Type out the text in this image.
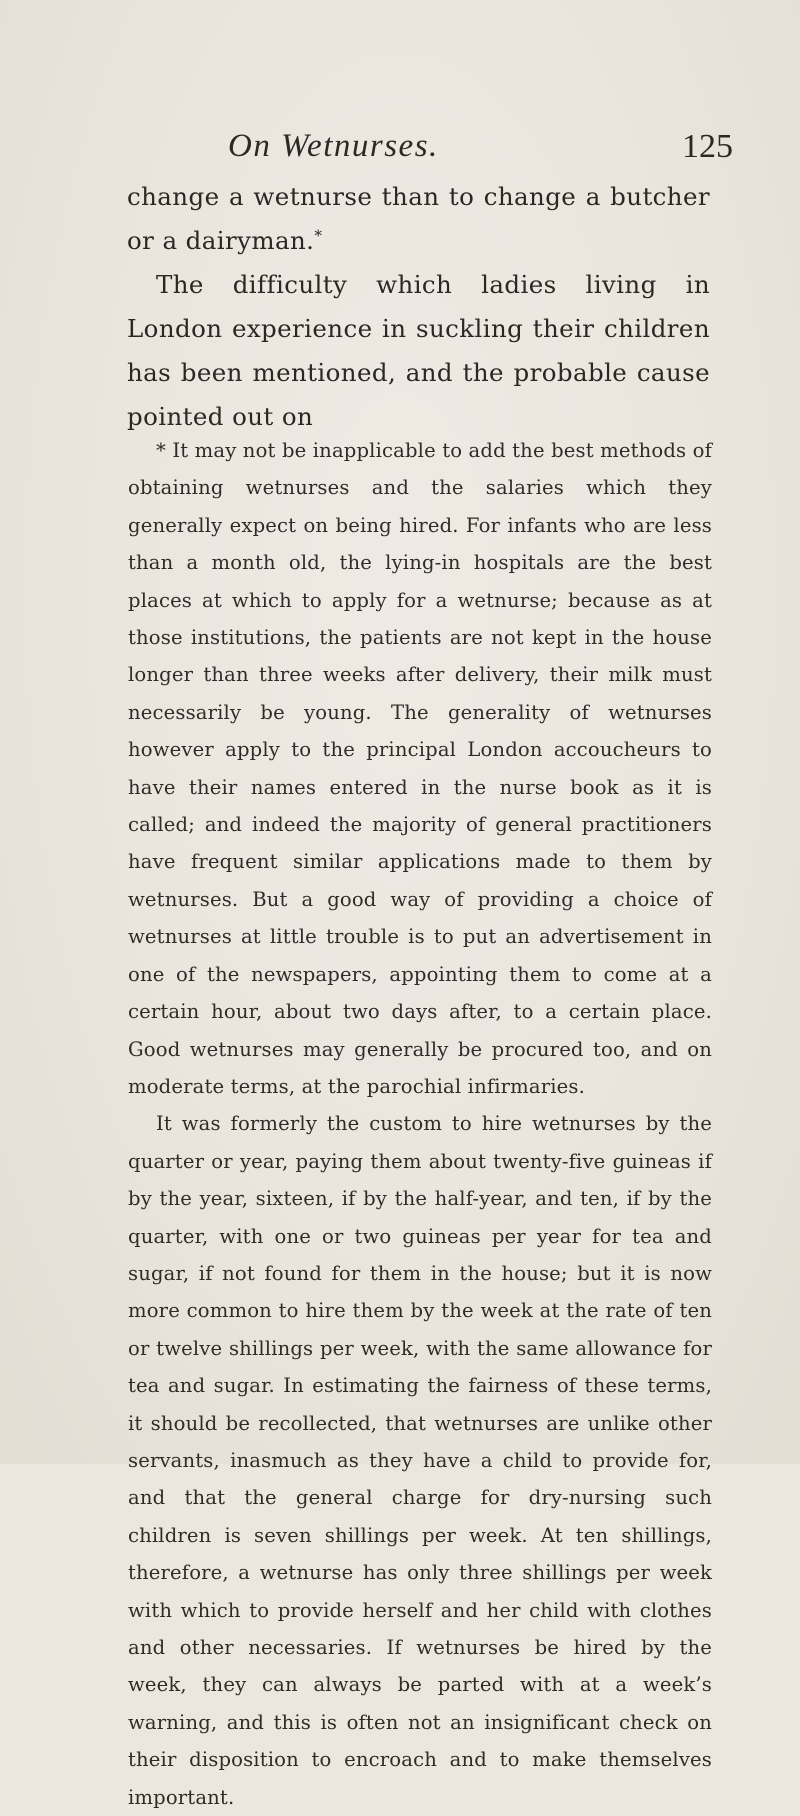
On Wetnurses.	125

change a wetnurse than to change a butcher or a dairyman.*

The difficulty which ladies living in London experience in suckling their children has been mentioned, and the probable cause pointed out on

* It may not be inapplicable to add the best methods of obtaining wetnurses and the salaries which they generally expect on being hired. For infants who are less than a month old, the lying-in hospitals are the best places at which to apply for a wetnurse; because as at those institutions, the patients are not kept in the house longer than three weeks after delivery, their milk must necessarily be young. The generality of wetnurses however apply to the principal London accoucheurs to have their names entered in the nurse book as it is called; and indeed the majority of general practitioners have frequent similar applications made to them by wetnurses. But a good way of providing a choice of wetnurses at little trouble is to put an advertisement in one of the newspapers, appointing them to come at a certain hour, about two days after, to a certain place. Good wetnurses may generally be procured too, and on moderate terms, at the parochial infirmaries.

It was formerly the custom to hire wetnurses by the quarter or year, paying them about twenty-five guineas if by the year, sixteen, if by the half-year, and ten, if by the quarter, with one or two guineas per year for tea and sugar, if not found for them in the house; but it is now more common to hire them by the week at the rate of ten or twelve shillings per week, with the same allowance for tea and sugar. In estimating the fairness of these terms, it should be recollected, that wetnurses are unlike other servants, inasmuch as they have a child to provide for, and that the general charge for dry-nursing such children is seven shillings per week. At ten shillings, therefore, a wetnurse has only three shillings per week with which to provide herself and her child with clothes and other necessaries. If wetnurses be hired by the week, they can always be parted with at a week’s warning, and this is often not an insignificant check on their disposition to encroach and to make themselves important.
